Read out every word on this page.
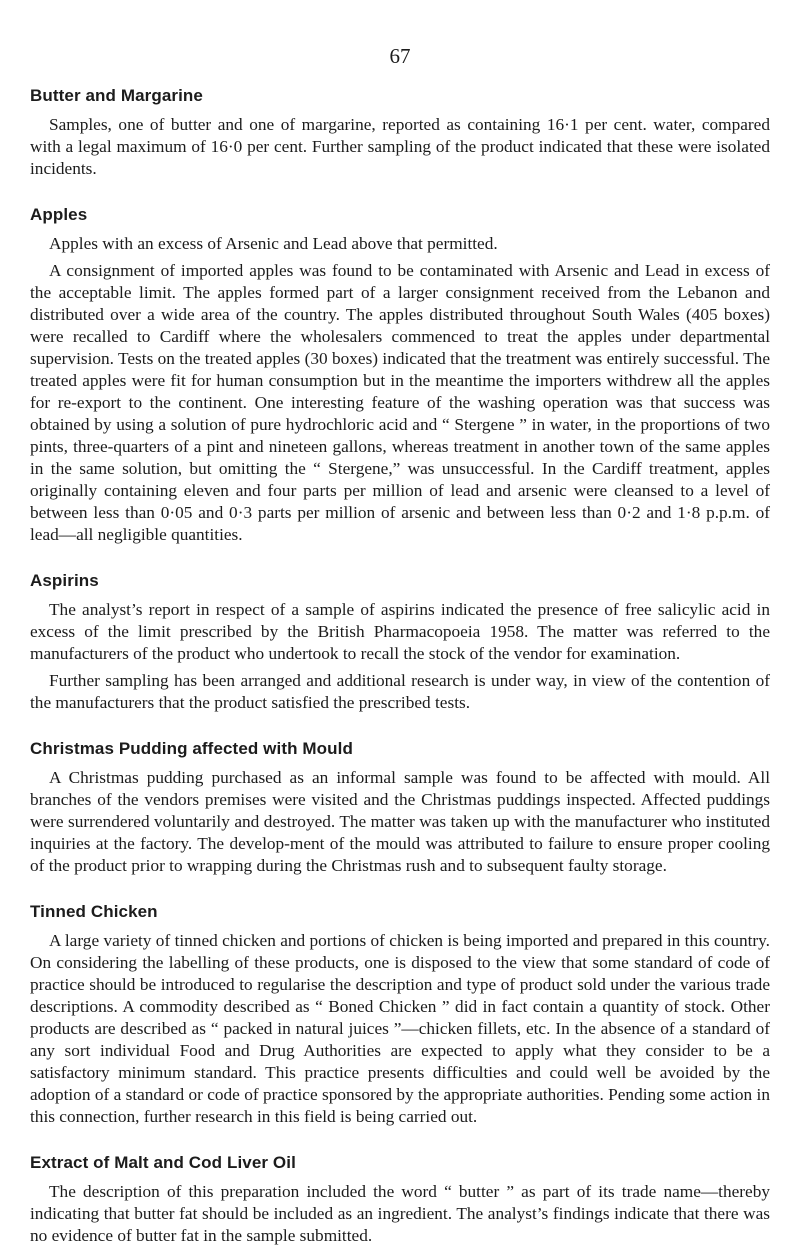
67
Butter and Margarine

Samples, one of butter and one of margarine, reported as containing 16·1 per cent. water, compared with a legal maximum of 16·0 per cent. Further sampling of the product indicated that these were isolated incidents.

Apples

Apples with an excess of Arsenic and Lead above that permitted.

A consignment of imported apples was found to be contaminated with Arsenic and Lead in excess of the acceptable limit. The apples formed part of a larger consignment received from the Lebanon and distributed over a wide area of the country. The apples distributed throughout South Wales (405 boxes) were recalled to Cardiff where the wholesalers commenced to treat the apples under departmental supervision. Tests on the treated apples (30 boxes) indicated that the treatment was entirely successful. The treated apples were fit for human consumption but in the meantime the importers withdrew all the apples for re-export to the continent. One interesting feature of the washing operation was that success was obtained by using a solution of pure hydrochloric acid and “ Stergene ” in water, in the proportions of two pints, three-quarters of a pint and nineteen gallons, whereas treatment in another town of the same apples in the same solution, but omitting the “ Stergene,” was unsuccessful. In the Cardiff treatment, apples originally containing eleven and four parts per million of lead and arsenic were cleansed to a level of between less than 0·05 and 0·3 parts per million of arsenic and between less than 0·2 and 1·8 p.p.m. of lead—all negligible quantities.

Aspirins

The analyst’s report in respect of a sample of aspirins indicated the presence of free salicylic acid in excess of the limit prescribed by the British Pharmacopoeia 1958. The matter was referred to the manufacturers of the product who undertook to recall the stock of the vendor for examination.

Further sampling has been arranged and additional research is under way, in view of the contention of the manufacturers that the product satisfied the prescribed tests.

Christmas Pudding affected with Mould

A Christmas pudding purchased as an informal sample was found to be affected with mould. All branches of the vendors premises were visited and the Christmas puddings inspected. Affected puddings were surrendered voluntarily and destroyed. The matter was taken up with the manufacturer who instituted inquiries at the factory. The develop-ment of the mould was attributed to failure to ensure proper cooling of the product prior to wrapping during the Christmas rush and to subsequent faulty storage.

Tinned Chicken

A large variety of tinned chicken and portions of chicken is being imported and prepared in this country. On considering the labelling of these products, one is disposed to the view that some standard of code of practice should be introduced to regularise the description and type of product sold under the various trade descriptions. A commodity described as “ Boned Chicken ” did in fact contain a quantity of stock. Other products are described as “ packed in natural juices ”—chicken fillets, etc. In the absence of a standard of any sort individual Food and Drug Authorities are expected to apply what they consider to be a satisfactory minimum standard. This practice presents difficulties and could well be avoided by the adoption of a standard or code of practice sponsored by the appropriate authorities. Pending some action in this connection, further research in this field is being carried out.

Extract of Malt and Cod Liver Oil

The description of this preparation included the word “ butter ” as part of its trade name—thereby indicating that butter fat should be included as an ingredient. The analyst’s findings indicate that there was no evidence of butter fat in the sample submitted.
